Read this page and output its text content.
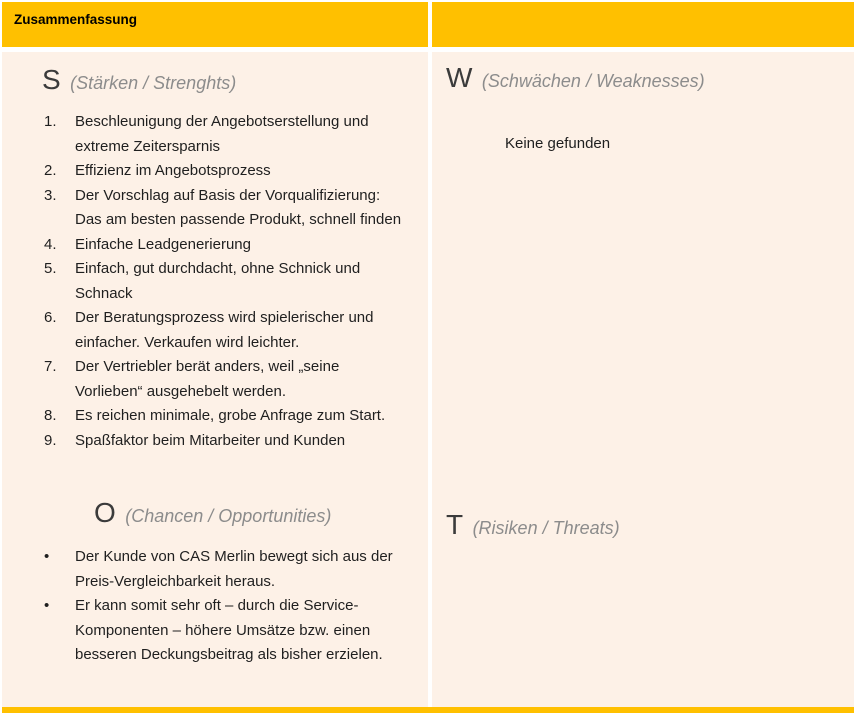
Zusammenfassung
S (Stärken / Strenghts)
1. Beschleunigung der Angebotserstellung und extreme Zeitersparnis
2. Effizienz im Angebotsprozess
3. Der Vorschlag auf Basis der Vorqualifizierung: Das am besten passende Produkt, schnell finden
4. Einfache Leadgenerierung
5. Einfach, gut durchdacht, ohne Schnick und Schnack
6. Der Beratungsprozess wird spielerischer und einfacher. Verkaufen wird leichter.
7. Der Vertriebler berät anders, weil „seine Vorlieben“ ausgehebelt werden.
8. Es reichen minimale, grobe Anfrage zum Start.
9. Spaßfaktor beim Mitarbeiter und Kunden
O (Chancen / Opportunities)
• Der Kunde von CAS Merlin bewegt sich aus der Preis-Vergleichbarkeit heraus.
• Er kann somit sehr oft – durch die Service-Komponenten – höhere Umsätze bzw. einen besseren Deckungsbeitrag als bisher erzielen.
W (Schwächen / Weaknesses)
Keine gefunden
T (Risiken / Threats)
